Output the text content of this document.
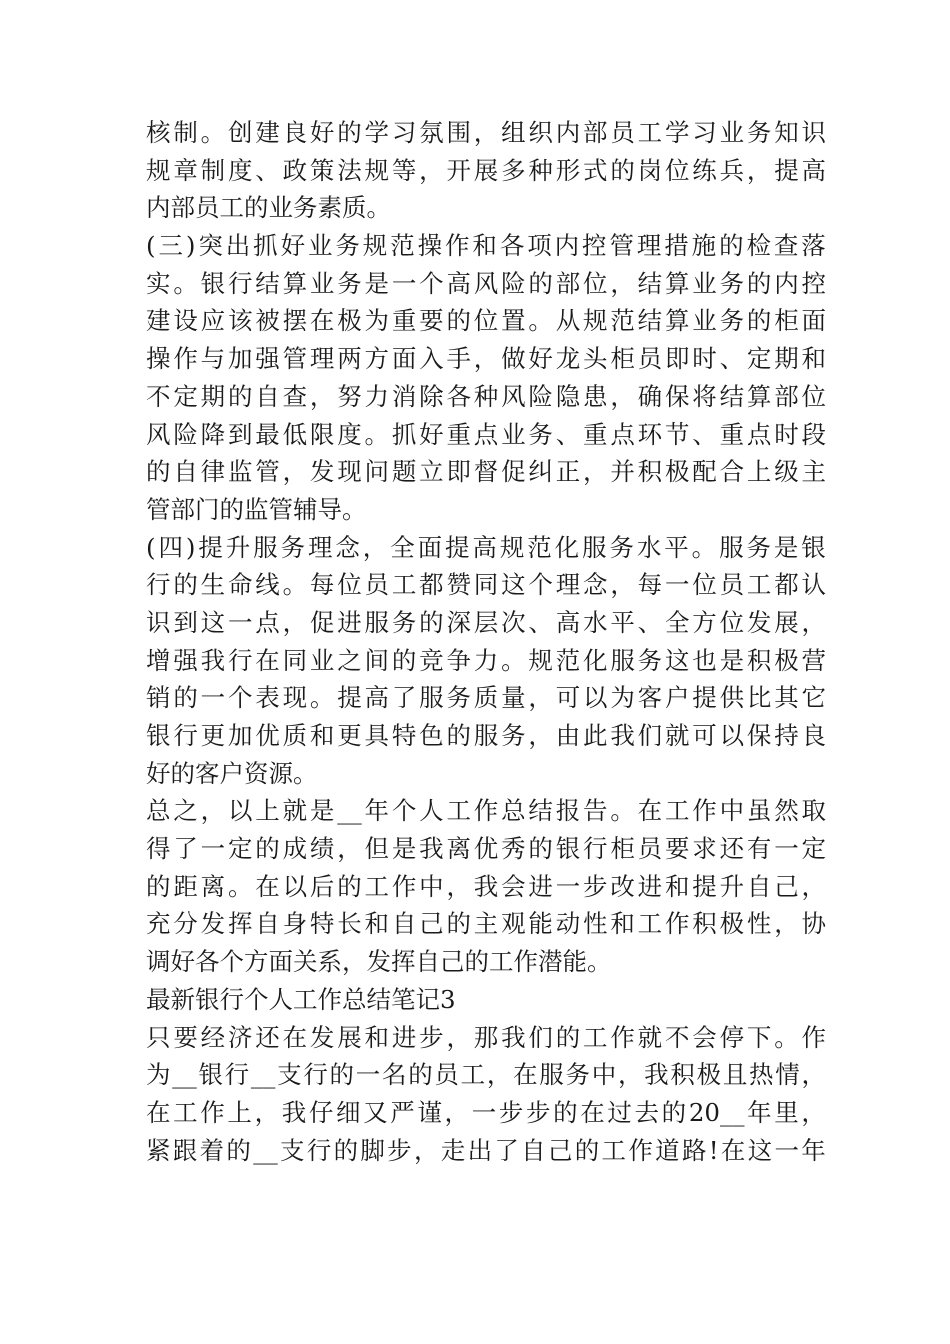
核 制 。 创 建 良 好 的 学 习 氛 围 ， 组 织 内 部 员 工 学 习 业 务 知 识
规 章 制 度 、 政 策 法 规 等 ， 开 展 多 种 形 式 的 岗 位 练 兵 ， 提 高
内部员工的业务素质。
( 三 ) 突 出 抓 好 业 务 规 范 操 作 和 各 项 内 控 管 理 措 施 的 检 查 落
实 。 银 行 结 算 业 务 是 一 个 高 风 险 的 部 位 ， 结 算 业 务 的 内 控
建 设 应 该 被 摆 在 极 为 重 要 的 位 置 。 从 规 范 结 算 业 务 的 柜 面
操 作 与 加 强 管 理 两 方 面 入 手 ， 做 好 龙 头 柜 员 即 时 、 定 期 和
不 定 期 的 自 查 ， 努 力 消 除 各 种 风 险 隐 患 ， 确 保 将 结 算 部 位
风 险 降 到 最 低 限 度 。 抓 好 重 点 业 务 、 重 点 环 节 、 重 点 时 段
的 自 律 监 管 ， 发 现 问 题 立 即 督 促 纠 正 ， 并 积 极 配 合 上 级 主
管部门的监管辅导。
( 四 ) 提 升 服 务 理 念 ， 全 面 提 高 规 范 化 服 务 水 平 。 服 务 是 银
行 的 生 命 线 。 每 位 员 工 都 赞 同 这 个 理 念 ， 每 一 位 员 工 都 认
识 到 这 一 点 ， 促 进 服 务 的 深 层 次 、 高 水 平 、 全 方 位 发 展 ，
增 强 我 行 在 同 业 之 间 的 竞 争 力 。 规 范 化 服 务 这 也 是 积 极 营
销 的 一 个 表 现 。 提 高 了 服 务 质 量 ， 可 以 为 客 户 提 供 比 其 它
银 行 更 加 优 质 和 更 具 特 色 的 服 务 ， 由 此 我 们 就 可 以 保 持 良
好的客户资源。
总 之 ， 以 上 就 是 __ 年 个 人 工 作 总 结 报 告 。 在 工 作 中 虽 然 取
得 了 一 定 的 成 绩 ， 但 是 我 离 优 秀 的 银 行 柜 员 要 求 还 有 一 定
的 距 离 。 在 以 后 的 工 作 中 ， 我 会 进 一 步 改 进 和 提 升 自 己 ，
充 分 发 挥 自 身 特 长 和 自 己 的 主 观 能 动 性 和 工 作 积 极 性 ， 协
调好各个方面关系，发挥自己的工作潜能。
最新银行个人工作总结笔记3
只 要 经 济 还 在 发 展 和 进 步 ， 那 我 们 的 工 作 就 不 会 停 下 。 作
为 __ 银 行 __ 支 行 的 一 名 的 员 工 ， 在 服 务 中 ， 我 积 极 且 热 情 ，
在 工 作 上 ， 我 仔 细 又 严 谨 ， 一 步 步 的 在 过 去 的 20__ 年 里 ，
紧 跟 着 的 __ 支 行 的 脚 步 ， 走 出 了 自 己 的 工 作 道 路 ! 在 这 一 年
